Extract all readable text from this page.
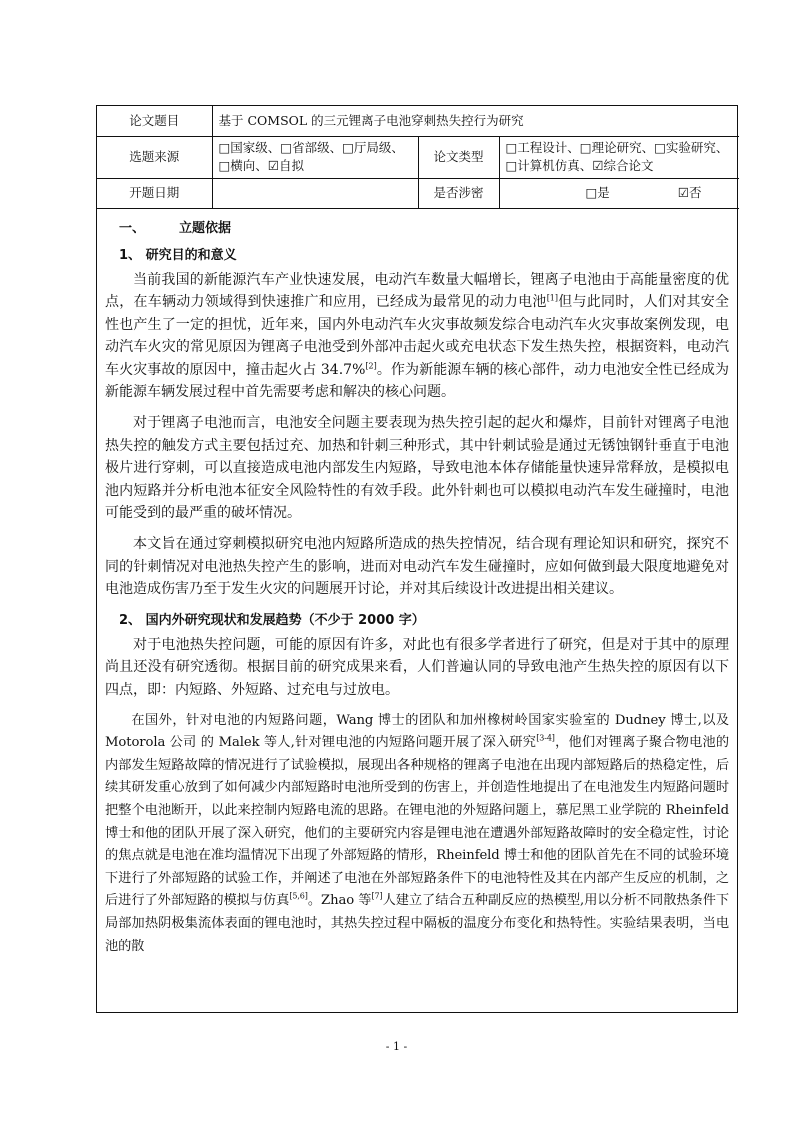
论文题目	基于 COMSOL 的三元锂离子电池穿刺热失控行为研究		
选题来源	□国家级、□省部级、□厅局级、□横向、☑自拟	论文类型	□工程设计、□理论研究、□实验研究、□计算机仿真、☑综合论文
开题日期		是否涉密	□是 ☑否
一、	立题依据
1、 研究目的和意义

当前我国的新能源汽车产业快速发展，电动汽车数量大幅增长，锂离子电池由于高能量密度的优点，在车辆动力领域得到快速推广和应用，已经成为最常见的动力电池[1]但与此同时，人们对其安全性也产生了一定的担忧，近年来，国内外电动汽车火灾事故频发综合电动汽车火灾事故案例发现，电动汽车火灾的常见原因为锂离子电池受到外部冲击起火或充电状态下发生热失控，根据资料，电动汽车火灾事故的原因中，撞击起火占 34.7%[2]。作为新能源车辆的核心部件，动力电池安全性已经成为新能源车辆发展过程中首先需要考虑和解决的核心问题。

对于锂离子电池而言，电池安全问题主要表现为热失控引起的起火和爆炸，目前针对锂离子电池热失控的触发方式主要包括过充、加热和针刺三种形式，其中针刺试验是通过无锈蚀钢针垂直于电池极片进行穿刺，可以直接造成电池内部发生内短路，导致电池本体存储能量快速异常释放，是模拟电池内短路并分析电池本征安全风险特性的有效手段。此外针刺也可以模拟电动汽车发生碰撞时，电池可能受到的最严重的破坏情况。

本文旨在通过穿刺模拟研究电池内短路所造成的热失控情况，结合现有理论知识和研究，探究不同的针刺情况对电池热失控产生的影响，进而对电动汽车发生碰撞时，应如何做到最大限度地避免对电池造成伤害乃至于发生火灾的问题展开讨论，并对其后续设计改进提出相关建议。

2、 国内外研究现状和发展趋势（不少于 2000 字）

对于电池热失控问题，可能的原因有许多，对此也有很多学者进行了研究，但是对于其中的原理尚且还没有研究透彻。根据目前的研究成果来看，人们普遍认同的导致电池产生热失控的原因有以下四点，即：内短路、外短路、过充电与过放电。

在国外，针对电池的内短路问题，Wang 博士的团队和加州橡树岭国家实验室的 Dudney 博士,以及 Motorola 公司 的 Malek 等人,针对锂电池的内短路问题开展了深入研究[3-4]，他们对锂离子聚合物电池的内部发生短路故障的情况进行了试验模拟，展现出各种规格的锂离子电池在出现内部短路后的热稳定性，后续其研发重心放到了如何减少内部短路时电池所受到的伤害上，并创造性地提出了在电池发生内短路问题时把整个电池断开，以此来控制内短路电流的思路。在锂电池的外短路问题上，慕尼黑工业学院的 Rheinfeld 博士和他的团队开展了深入研究，他们的主要研究内容是锂电池在遭遇外部短路故障时的安全稳定性，讨论的焦点就是电池在准均温情况下出现了外部短路的情形，Rheinfeld 博士和他的团队首先在不同的试验环境下进行了外部短路的试验工作，并阐述了电池在外部短路条件下的电池特性及其在内部产生反应的机制，之后进行了外部短路的模拟与仿真[5,6]。Zhao 等[7]人建立了结合五种副反应的热模型,用以分析不同散热条件下局部加热阴极集流体表面的锂电池时，其热失控过程中隔板的温度分布变化和热特性。实验结果表明，当电池的散

- 1 -
